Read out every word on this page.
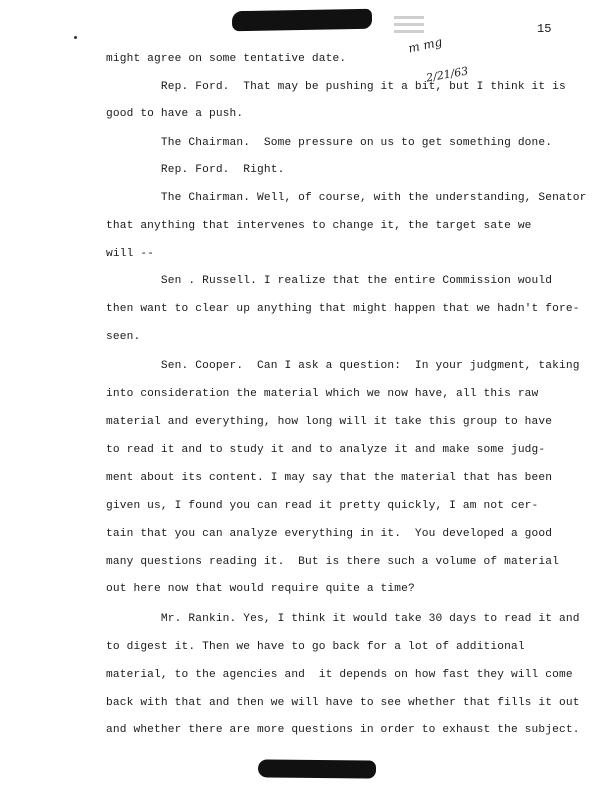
15
m mg
2/21/63
might agree on some tentative date.
Rep. Ford.  That may be pushing it a bit, but I think it is
good to have a push.
The Chairman.  Some pressure on us to get something done.
Rep. Ford.  Right.
The Chairman. Well, of course, with the understanding, Senator
that anything that intervenes to change it, the target sate we
will --
Sen . Russell. I realize that the entire Commission would
then want to clear up anything that might happen that we hadn't fore-
seen.
Sen. Cooper.  Can I ask a question:  In your judgment, taking
into consideration the material which we now have, all this raw
material and everything, how long will it take this group to have
to read it and to study it and to analyze it and make some judg-
ment about its content. I may say that the material that has been
given us, I found you can read it pretty quickly, I am not cer-
tain that you can analyze everything in it.  You developed a good
many questions reading it.  But is there such a volume of material
out here now that would require quite a time?
Mr. Rankin. Yes, I think it would take 30 days to read it and
to digest it. Then we have to go back for a lot of additional
material, to the agencies and  it depends on how fast they will come
back with that and then we will have to see whether that fills it out
and whether there are more questions in order to exhaust the subject.
